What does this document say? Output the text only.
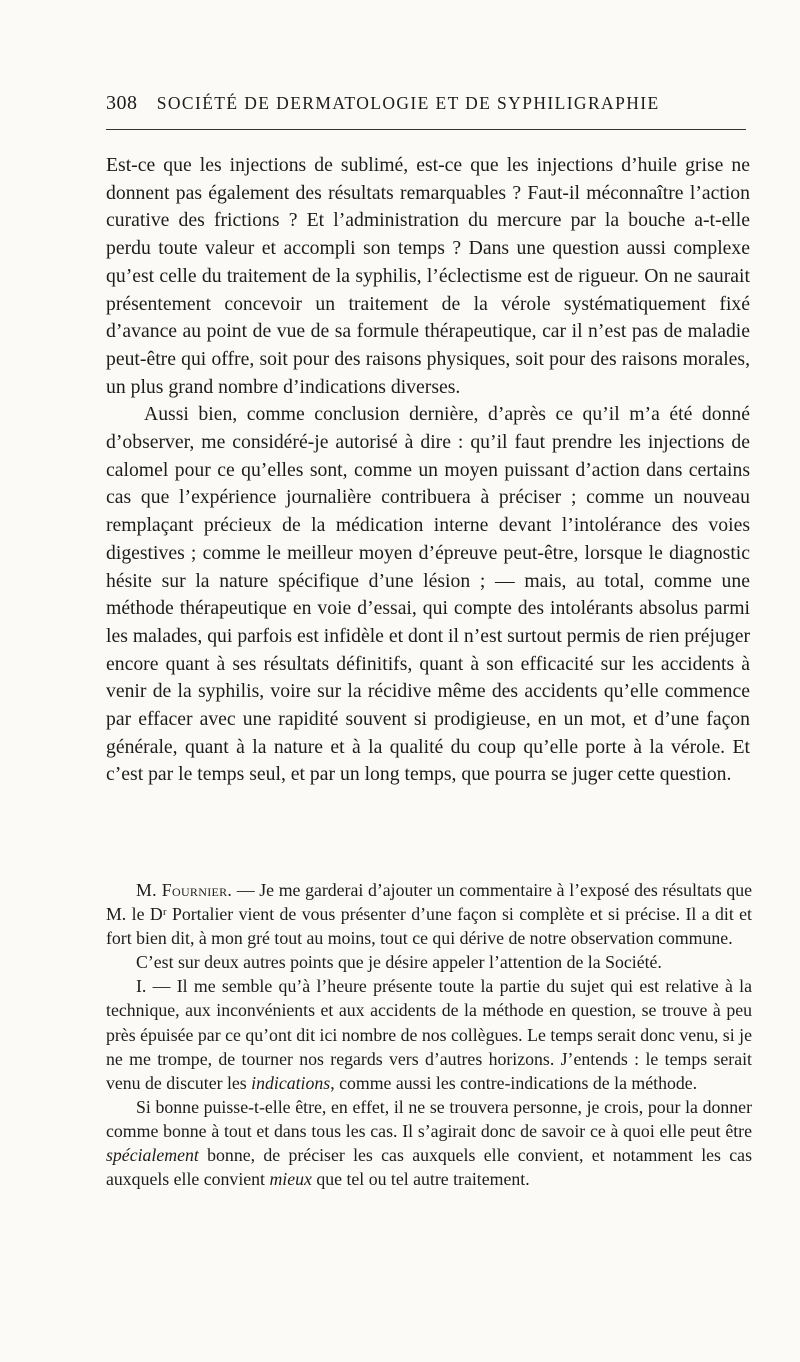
308 SOCIÉTÉ DE DERMATOLOGIE ET DE SYPHILIGRAPHIE

Est-ce que les injections de sublimé, est-ce que les injections d’huile grise ne donnent pas également des résultats remarquables ? Faut-il méconnaître l’action curative des frictions ? Et l’administration du mercure par la bouche a-t-elle perdu toute valeur et accompli son temps ? Dans une question aussi complexe qu’est celle du traitement de la syphilis, l’éclectisme est de rigueur. On ne saurait présentement concevoir un traitement de la vérole systématiquement fixé d’avance au point de vue de sa formule thérapeutique, car il n’est pas de maladie peut-être qui offre, soit pour des raisons physiques, soit pour des raisons morales, un plus grand nombre d’indications diverses.

Aussi bien, comme conclusion dernière, d’après ce qu’il m’a été donné d’observer, me considéré-je autorisé à dire : qu’il faut prendre les injections de calomel pour ce qu’elles sont, comme un moyen puissant d’action dans certains cas que l’expérience journalière contribuera à préciser ; comme un nouveau remplaçant précieux de la médication interne devant l’intolérance des voies digestives ; comme le meilleur moyen d’épreuve peut-être, lorsque le diagnostic hésite sur la nature spécifique d’une lésion ; — mais, au total, comme une méthode thérapeutique en voie d’essai, qui compte des intolérants absolus parmi les malades, qui parfois est infidèle et dont il n’est surtout permis de rien préjuger encore quant à ses résultats définitifs, quant à son efficacité sur les accidents à venir de la syphilis, voire sur la récidive même des accidents qu’elle commence par effacer avec une rapidité souvent si prodigieuse, en un mot, et d’une façon générale, quant à la nature et à la qualité du coup qu’elle porte à la vérole. Et c’est par le temps seul, et par un long temps, que pourra se juger cette question.

M. Fournier. — Je me garderai d’ajouter un commentaire à l’exposé des résultats que M. le Dʳ Portalier vient de vous présenter d’une façon si complète et si précise. Il a dit et fort bien dit, à mon gré tout au moins, tout ce qui dérive de notre observation commune.

C’est sur deux autres points que je désire appeler l’attention de la Société.

I. — Il me semble qu’à l’heure présente toute la partie du sujet qui est relative à la technique, aux inconvénients et aux accidents de la méthode en question, se trouve à peu près épuisée par ce qu’ont dit ici nombre de nos collègues. Le temps serait donc venu, si je ne me trompe, de tourner nos regards vers d’autres horizons. J’entends : le temps serait venu de discuter les indications, comme aussi les contre-indications de la méthode.

Si bonne puisse-t-elle être, en effet, il ne se trouvera personne, je crois, pour la donner comme bonne à tout et dans tous les cas. Il s’agirait donc de savoir ce à quoi elle peut être spécialement bonne, de préciser les cas auxquels elle convient, et notamment les cas auxquels elle convient mieux que tel ou tel autre traitement.
